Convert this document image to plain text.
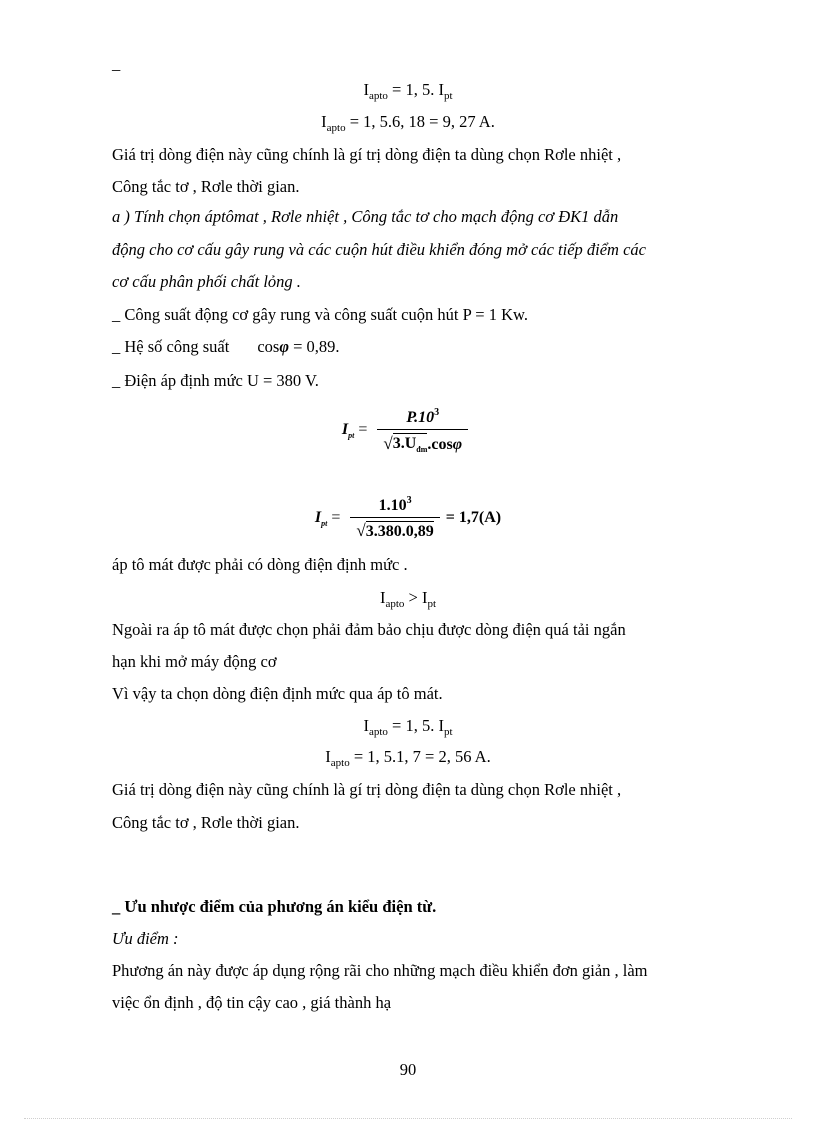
_
$I_{apto} = 1$, 5. $I_{pt}$
$I_{apto} = 1$, 5.6, 18 = 9, 27 A.
Giá trị dòng điện này cũng chính là gí trị dòng điện ta dùng chọn Rơle nhiệt ,
Công tắc tơ , Rơle thời gian.
a ) Tính chọn áptômat , Rơle nhiệt , Công tắc tơ cho mạch động cơ ĐK1 dẫn
động cho cơ cấu gây rung và các cuộn hút điều khiển đóng mở các tiếp điểm các
cơ cấu phân phối chất lỏng .
_ Công suất động cơ gây rung và công suất cuộn hút P = 1 Kw.
_ Hệ số công suất cosφ = 0,89.
_ Điện áp định mức U = 380 V.
$I_{pt} = \frac{P.10^3}{√ 3.U_{đm} .\cos\varphi}$
$I_{pt} = \frac{1.10^3}{√ 3.380.0,89} = 1,7(A)$
áp tô mát được phải có dòng điện định mức .
$I_{apto} > I_{pt}$
Ngoài ra áp tô mát được chọn phải đảm bảo chịu được dòng điện quá tải ngắn
hạn khi mở máy động cơ
Vì vậy ta chọn dòng điện định mức qua áp tô mát.
$I_{apto} = 1$, 5. $I_{pt}$
$I_{apto} = 1$, 5.1, 7 = 2, 56 A.
Giá trị dòng điện này cũng chính là gí trị dòng điện ta dùng chọn Rơle nhiệt ,
Công tắc tơ , Rơle thời gian.
_ Ưu nhược điểm của phương án kiểu điện từ.
Ưu điểm :
Phương án này được áp dụng rộng rãi cho những mạch điều khiển đơn giản , làm
việc ổn định , độ tin cậy cao , giá thành hạ
90
